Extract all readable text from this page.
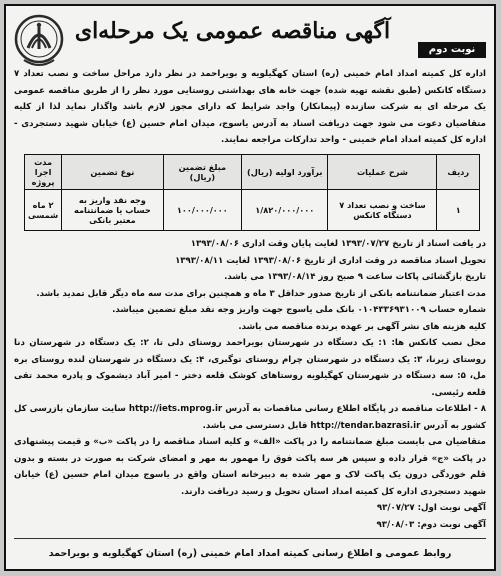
آگهی مناقصه عمومی یک مرحله‌ای
نوبت دوم
اداره کل کمیته امداد امام خمینی (ره) استان کهگیلویه و بویراحمد در نظر دارد مراحل ساخت و نصب تعداد ۷ دستگاه کانکس (طبق نقشه تهیه شده) جهت خانه های بهداشتی روستایی مورد نظر را از طریق مناقصه عمومی یک مرحله ای به شرکت سازنده (پیمانکار) واجد شرایط که دارای مجوز لازم باشد واگذار نماید لذا از کلیه متقاضیان دعوت می شود جهت دریافت اسناد به آدرس یاسوج، میدان امام حسین (ع) خیابان شهید دستجردی - اداره کل کمیته امداد امام خمینی - واحد تدارکات مراجعه نمایند.
ردیف	شرح عملیات	برآورد اولیه (ریال)	مبلغ تضمین (ریال)	نوع تضمین	مدت اجرا پروژه
۱	ساخت و نصب تعداد ۷ دستگاه کانکس	۱/۸۲۰/۰۰۰/۰۰۰	۱۰۰/۰۰۰/۰۰۰	وجه نقد واریز به حساب یا ضمانتنامه معتبر بانکی	۲ ماه شمسی

در یافت اسناد از تاریخ ۱۳۹۳/۰۷/۲۷ لغایت پایان وقت اداری ۱۳۹۳/۰۸/۰۶

تحویل اسناد مناقصه در وقت اداری از تاریخ ۱۳۹۳/۰۸/۰۶ لغایت ۱۳۹۳/۰۸/۱۱

تاریخ بازگشائی پاکات ساعت ۹ صبح روز ۱۳۹۳/۰۸/۱۴ می باشد.

مدت اعتبار ضمانتنامه بانکی از تاریخ صدور حداقل ۳ ماه و همچنین برای مدت سه ماه دیگر قابل تمدید باشد.

شماره حساب ۰۱۰۴۳۳۶۹۳۱۰۰۹ بانک ملی یاسوج جهت واریز وجه نقد مبلغ تضمین میباشد.

کلیه هزینه های نشر آگهی بر عهده برنده مناقصه می باشد.

محل نصب کانکس ها: ۱: یک دستگاه در شهرستان بویراحمد روستای دلی تا، ۲: یک دستگاه در شهرستان دنا روستای زیرنا، ۳: یک دستگاه در شهرستان چرام روستای توگبری، ۴: یک دستگاه در شهرستان لنده روستای بره مل، ۵: سه دستگاه در شهرستان کهگیلویه روستاهای کوشک قلعه دختر - امیر آباد دیشموک و پادره محمد تقی قلعه رئیسی.

۸ - اطلاعات مناقصه در پایگاه اطلاع رسانی مناقصات به آدرس http://iets.mprog.ir سایت سازمان بازرسی کل کشور به آدرس http://tendar.bazrasi.ir قابل دسترسی می باشد.

متقاضیان می بایست مبلغ ضمانتنامه را در پاکت «الف» و کلیه اسناد مناقصه را در پاکت «ب» و قیمت پیشنهادی در پاکت «ج» قرار داده و سپس هر سه پاکت فوق را مهمور به مهر و امضای شرکت به صورت در بسته و بدون قلم خوردگی درون یک پاکت لاک و مهر شده به دبیرخانه استان واقع در یاسوج میدان امام حسین (ع) خیابان شهید دستجردی اداره کل کمیته امداد استان تحویل و رسید دریافت دارند.

آگهی نوبت اول: ۹۳/۰۷/۲۷

آگهی نوبت دوم: ۹۳/۰۸/۰۳

روابط عمومی و اطلاع رسانی کمیته امداد امام خمینی (ره) استان کهگیلویه و بویراحمد
